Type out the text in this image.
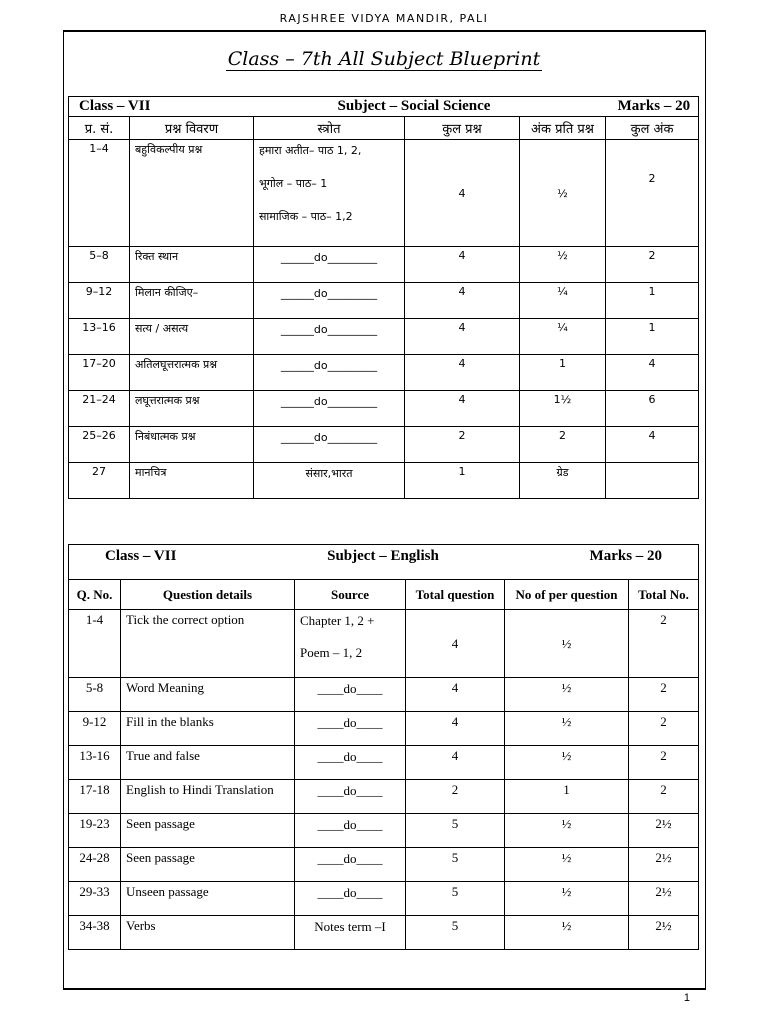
RAJSHREE VIDYA MANDIR, PALI
Class – 7th All Subject Blueprint
Class – VII Subject – Social Science Marks – 20					

प्र. सं.	प्रश्न विवरण	स्त्रोत	कुल प्रश्न	अंक प्रति प्रश्न	कुल अंक
1–4	बहुविकल्पीय प्रश्न	हमारा अतीत– पाठ 1, 2,
भूगोल – पाठ– 1
सामाजिक – पाठ– 1,2	4	½	2
5–8	रिक्त स्थान	______do_________	4	½	2
9–12	मिलान कीजिए–	______do_________	4	¼	1
13–16	सत्य / असत्य	______do_________	4	¼	1
17–20	अतिलघूत्तरात्मक प्रश्न	______do_________	4	1	4
21–24	लघूत्तरात्मक प्रश्न	______do_________	4	1½	6
25–26	निबंधात्मक प्रश्न	______do_________	2	2	4
27	मानचित्र	संसार,भारत	1	ग्रेड	
Class – VII Subject – English Marks – 20					

Q. No.	Question details	Source	Total question	No of per question	Total No.
1-4	Tick the correct option	Chapter 1, 2 +
Poem – 1, 2	4	½	2
5-8	Word Meaning	____do____	4	½	2
9-12	Fill in the blanks	____do____	4	½	2
13-16	True and false	____do____	4	½	2
17-18	English to Hindi Translation	____do____	2	1	2
19-23	Seen passage	____do____	5	½	2½
24-28	Seen passage	____do____	5	½	2½
29-33	Unseen passage	____do____	5	½	2½
34-38	Verbs	Notes term –I	5	½	2½
1
